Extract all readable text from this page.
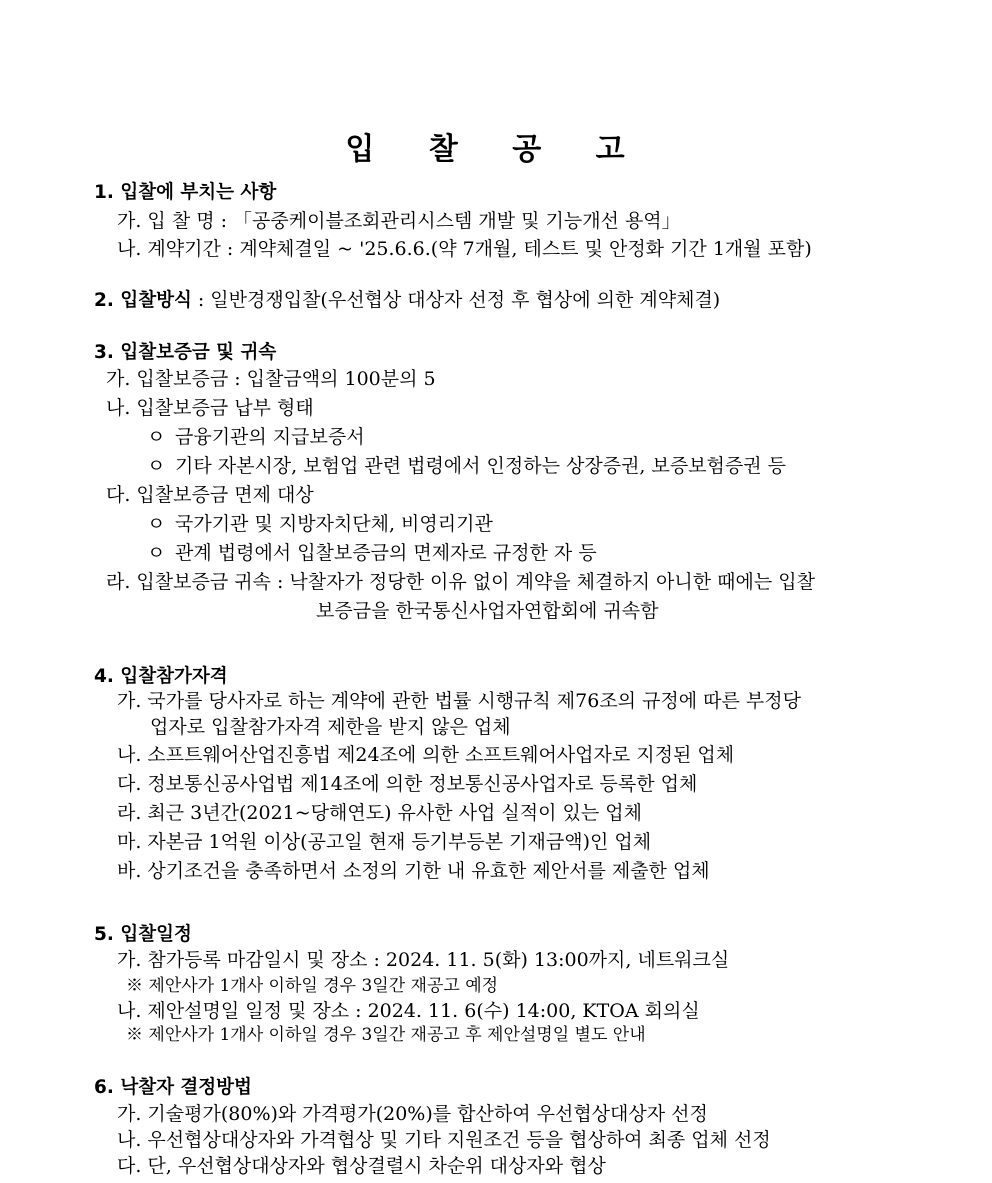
입 찰 공 고
1. 입찰에 부치는 사항
가. 입 찰 명 : 「공중케이블조회관리시스템 개발 및 기능개선 용역」
나. 계약기간 : 계약체결일 ~ '25.6.6.(약 7개월, 테스트 및 안정화 기간 1개월 포함)
2. 입찰방식 : 일반경쟁입찰(우선협상 대상자 선정 후 협상에 의한 계약체결)
3. 입찰보증금 및 귀속
가. 입찰보증금 : 입찰금액의 100분의 5
나. 입찰보증금 납부 형태
ㅇ 금융기관의 지급보증서
ㅇ 기타 자본시장, 보험업 관련 법령에서 인정하는 상장증권, 보증보험증권 등
다. 입찰보증금 면제 대상
ㅇ 국가기관 및 지방자치단체, 비영리기관
ㅇ 관계 법령에서 입찰보증금의 면제자로 규정한 자 등
라. 입찰보증금 귀속 : 낙찰자가 정당한 이유 없이 계약을 체결하지 아니한 때에는 입찰
보증금을 한국통신사업자연합회에 귀속함
4. 입찰참가자격
가. 국가를 당사자로 하는 계약에 관한 법률 시행규칙 제76조의 규정에 따른 부정당
업자로 입찰참가자격 제한을 받지 않은 업체
나. 소프트웨어산업진흥법 제24조에 의한 소프트웨어사업자로 지정된 업체
다. 정보통신공사업법 제14조에 의한 정보통신공사업자로 등록한 업체
라. 최근 3년간(2021~당해연도) 유사한 사업 실적이 있는 업체
마. 자본금 1억원 이상(공고일 현재 등기부등본 기재금액)인 업체
바. 상기조건을 충족하면서 소정의 기한 내 유효한 제안서를 제출한 업체
5. 입찰일정
가. 참가등록 마감일시 및 장소 : 2024. 11. 5(화) 13:00까지, 네트워크실
※ 제안사가 1개사 이하일 경우 3일간 재공고 예정
나. 제안설명일 일정 및 장소 : 2024. 11. 6(수) 14:00, KTOA 회의실
※ 제안사가 1개사 이하일 경우 3일간 재공고 후 제안설명일 별도 안내
6. 낙찰자 결정방법
가. 기술평가(80%)와 가격평가(20%)를 합산하여 우선협상대상자 선정
나. 우선협상대상자와 가격협상 및 기타 지원조건 등을 협상하여 최종 업체 선정
다. 단, 우선협상대상자와 협상결렬시 차순위 대상자와 협상
